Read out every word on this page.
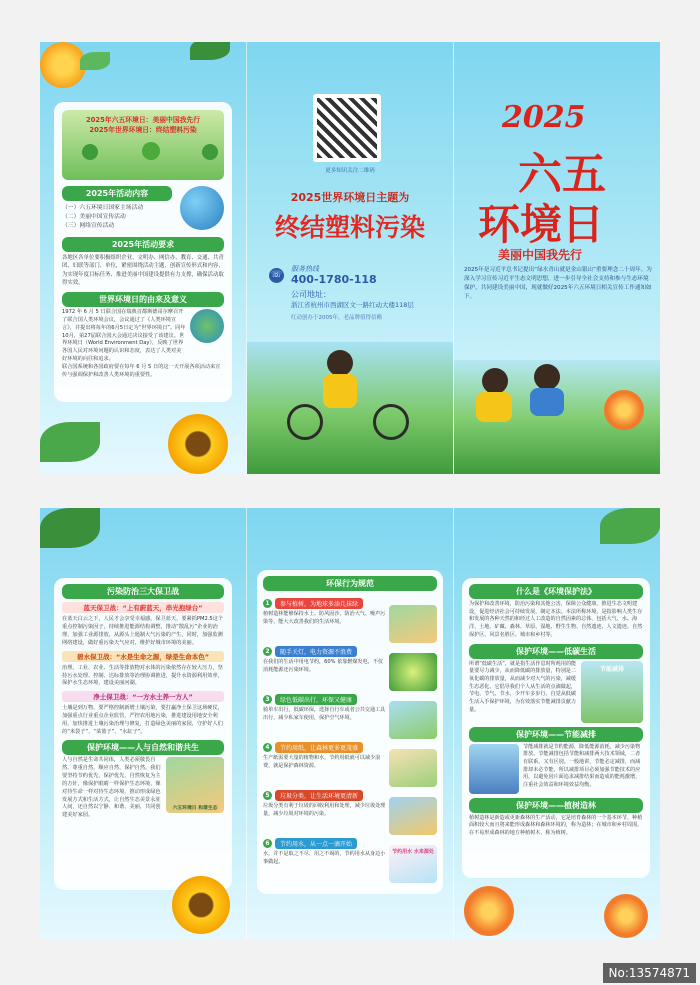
2025年六五环境日：美丽中国我先行
2025年世界环境日：终结塑料污染
2025年活动内容
（一）六五环境日国家主场活动
（二）美丽中国宣传活动
（三）网络宣传活动
2025年活动要求
各地区各单位要积极组织企业、文明办、网信办、教育、交通、共青团、妇联等部门、单位，紧密围绕活动主题，创新宣传形式和内容，为实现年度目标任务、推进美丽中国建设提供有力支撑，确保活动取得实效。
世界环境日的由来及意义
1972 年 6 月 5 日联合国在瑞典首都斯德哥尔摩召开了联合国人类环境会议，会议通过了《人类环境宣言》，并提出将每年的6月5日定为“世界环境日”。同年10月，第27届联合国大会通过决议接受了该建议。世界环境日（World Environment Day），反映了世界各国人民对环境问题的认识和态度，表达了人类对美好环境的向往和追求。
联合国系统和各国政府要在每年 6 月 5 日的这一天开展各项活动来宣传与强调保护和改善人类环境的重要性。
更多知识关注二维码
2025世界环境日主题为
终结塑料污染
☏
服务热线
400-1780-118
公司地址：
浙江省杭州市西湖区文一路红动大楼118层
红动创办于2005年，老品牌值得信赖
2025
六五
环境日
美丽中国我先行
2025年是习近平总书记提出“绿水青山就是金山银山”重要理念二十周年。为深入学习宣传习近平生态文明思想，进一步引导全社会支持和参与生态环境保护，共同建设美丽中国，现就做好2025年六五环境日相关宣传工作通知如下。
污染防治三大保卫战
蓝天保卫战：“上有蔚蓝天，串光抱绿台”
在蓝天白云之下，人民才会享受幸福感。保卫蓝天，要紧抓PM2.5这个重点控制污染因子，持续推进能源结构调整，推动“散乱污”企业的治理、加强工业源排放，从源头上遏制大气污染的产生，同时，加强监测网络建设，做好重污染天气应对，维护好城市环境的美丽。
碧水保卫战：“水是生命之源，绿是生命本色”
治理，工业、农业、生活等排放物对水体的污染依然存在较大压力，坚持污水处理、控制、达标排放等治理协调推进，提升水资源利用效率，保护水生态环境，建设美丽河湖。
净土保卫战：“一方水土养一方人”
土壤是到万物，要严格控制新增土壤污染，要打赢净土保卫这场硬仗，加强重点行业重点企业监管，严控农用地污染，推进建设用地安全利用，加快推进土壤污染治理与修复，打造绿色美丽的家园，守护好人们的“米袋子”、“菜篮子”、“水缸子”。
保护环境——人与自然和谐共生
人与自然是生命共同体，人类必须敬畏自然、尊重自然、顺应自然、保护自然。我们要坚持节约优先、保护优先、自然恢复为主的方针，像保护眼睛一样保护生态环境，像对待生命一样对待生态环境，推动形成绿色发展方式和生活方式，让自然生态美景永驻人间，还自然以宁静、和谐、美丽，共同创建美好家园。
六五环境日 和谐生态
环保行为规范
1	参与植树，为地球多添几抹绿
植树造林能够保持水土、防风固沙、防治大气、噪声污染等，能大大改善我们的生活环境。
2	随手关灯，电力资源不浪费
在我们的生活中用电节约，60% 依靠燃煤发电，不仅消耗能源还污染环境。
3	绿色低碳出行，环保又健康
骑单车出行，低碳环保，选择自行车或者公共交通工具出行，减少私家车使用，保护空气环境。
4	节约用纸，让森林更多更茂盛
生产纸需要大量的植物和水，节约用纸就可以减少浪费，就是保护森林资源。
5	垃圾分类，让生活环境更清新
垃圾分类有利于垃圾的回收利用和处理，减少垃圾处理量，减少垃圾对环境的污染。
6	节约用水，从一点一滴开始
水，并不是取之不尽、用之不竭的，节约用水从身边小事做起。
节约用水 水来源处
什么是《环境保护法》
为保护和改善环境，防治污染和其他公害，保障公众健康，推进生态文明建设，促进经济社会可持续发展，制定本法。本法所称环境，是指影响人类生存和发展的各种天然的和经过人工改造的自然因素的总体，包括大气、水、海洋、土地、矿藏、森林、草原、湿地、野生生物、自然遗迹、人文遗迹、自然保护区、风景名胜区、城市和乡村等。
保护环境——低碳生活
所谓“低碳生活”，就是指生活作息时所耗用的能量要尽力减少，从而降低碳的排放量，特别是二氧化碳的排放量，从而减少对大气的污染，减缓生态恶化。它倡导我们个人从生活的点滴做起，节电、节气、节水，少开车多步行，自觉从低碳生活入手保护环境，为有效落实节能减排贡献力量。
节能减排
保护环境——节能减排
节能减排就是节约能源，降低能源消耗，减少污染物排放。节能减排包括节能和减排两大技术领域，二者有联系，又有区别。一般地讲，节能必定减排，而减排却未必节能，所以减排项目必须加强节能技术的应用，以避免因片面追求减排结果而造成的能耗激增，注重社会效益和环境效益均衡。
保护环境——植树造林
植树造林是新造或更新森林的生产活动，它是培育森林的一个基本环节。种植面积较大而且将来能形成森林和森林环境的，称为造林；在城市和乡村周围，在不易形成森林的地方种植树木，称为植树。
No:13574871
